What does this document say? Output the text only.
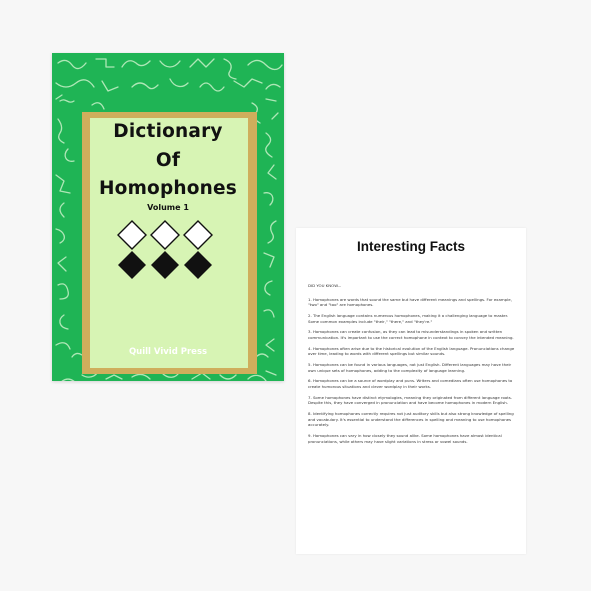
Dictionary
Of
Homophones
Volume 1
Quill Vivid Press
Interesting Facts

DID YOU KNOW...

1. Homophones are words that sound the same but have different meanings and spellings. For example, "two" and "too" are homophones.

2. The English language contains numerous homophones, making it a challenging language to master. Some common examples include "their," "there," and "they're."

3. Homophones can create confusion, as they can lead to misunderstandings in spoken and written communication. It's important to use the correct homophone in context to convey the intended meaning.

4. Homophones often arise due to the historical evolution of the English language. Pronunciations change over time, leading to words with different spellings but similar sounds.

5. Homophones can be found in various languages, not just English. Different languages may have their own unique sets of homophones, adding to the complexity of language learning.

6. Homophones can be a source of wordplay and puns. Writers and comedians often use homophones to create humorous situations and clever wordplay in their works.

7. Some homophones have distinct etymologies, meaning they originated from different language roots. Despite this, they have converged in pronunciation and have become homophones in modern English.

8. Identifying homophones correctly requires not just auditory skills but also strong knowledge of spelling and vocabulary. It's essential to understand the differences in spelling and meaning to use homophones accurately.

9. Homophones can vary in how closely they sound alike. Some homophones have almost identical pronunciations, while others may have slight variations in stress or vowel sounds.
